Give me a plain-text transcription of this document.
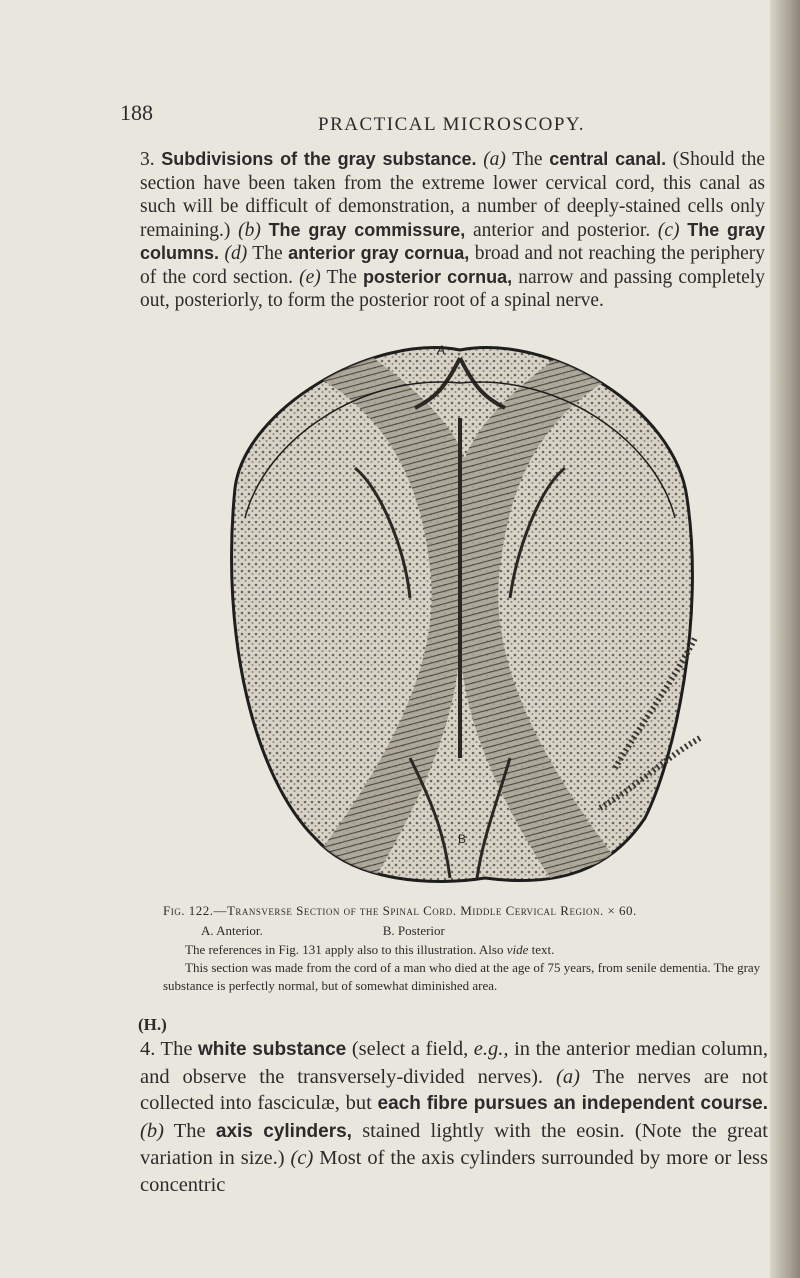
188	PRACTICAL MICROSCOPY.

3. Subdivisions of the gray substance. (a) The central canal. (Should the section have been taken from the extreme lower cervical cord, this canal as such will be difficult of demonstration, a number of deeply-stained cells only remaining.) (b) The gray commissure, anterior and posterior. (c) The gray columns. (d) The anterior gray cornua, broad and not reaching the periphery of the cord section. (e) The posterior cornua, narrow and passing completely out, posteriorly, to form the posterior root of a spinal nerve.

A
B

Fig. 122.—Transverse Section of the Spinal Cord. Middle Cervical Region. × 60.

A. Anterior.	B. Posterior

The references in Fig. 131 apply also to this illustration. Also vide text.

This section was made from the cord of a man who died at the age of 75 years, from senile dementia. The gray substance is perfectly normal, but of somewhat diminished area.

(H.)

4. The white substance (select a field, e.g., in the anterior median column, and observe the transversely-divided nerves). (a) The nerves are not collected into fasciculæ, but each fibre pursues an independent course. (b) The axis cylinders, stained lightly with the eosin. (Note the great variation in size.) (c) Most of the axis cylinders surrounded by more or less concentric
